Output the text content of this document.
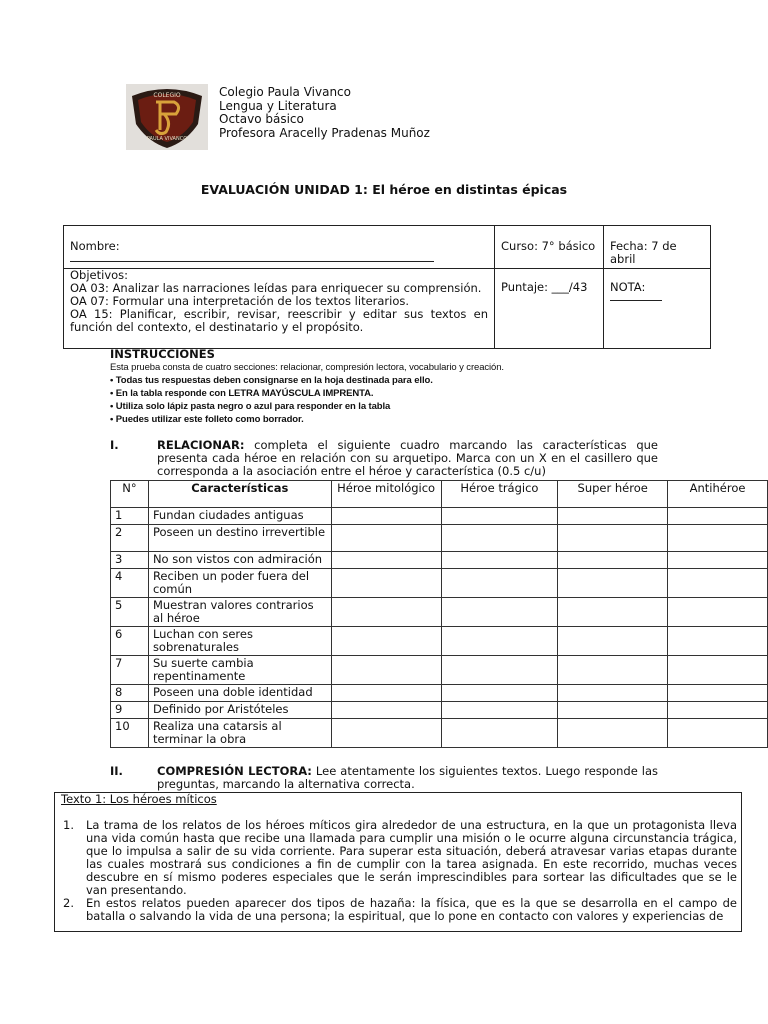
COLEGIO
PAULA VIVANCO
Colegio Paula Vivanco
Lengua y Literatura
Octavo básico
Profesora Aracelly Pradenas Muñoz
EVALUACIÓN UNIDAD 1: El héroe en distintas épicas
Nombre:	Curso: 7° básico	Fecha: 7 de abril

Objetivos:
OA 03: Analizar las narraciones leídas para enriquecer su comprensión.
OA 07: Formular una interpretación de los textos literarios.
OA 15: Planificar, escribir, revisar, reescribir y editar sus textos en función del contexto, el destinatario y el propósito.	Puntaje: ___/43	NOTA:
INSTRUCCIONES
Esta prueba consta de cuatro secciones: relacionar, compresión lectora, vocabulario y creación.
• Todas tus respuestas deben consignarse en la hoja destinada para ello.
• En la tabla responde con LETRA MAYÚSCULA IMPRENTA.
• Utiliza solo lápiz pasta negro o azul para responder en la tabla
• Puedes utilizar este folleto como borrador.
I.	RELACIONAR: completa el siguiente cuadro marcando las características que presenta cada héroe en relación con su arquetipo. Marca con un X en el casillero que corresponda a la asociación entre el héroe y característica (0.5 c/u)
N°	Características	Héroe mitológico	Héroe trágico	Super héroe	Antihéroe
1	Fundan ciudades antiguas				
2	Poseen un destino irrevertible				
3	No son vistos con admiración				
4	Reciben un poder fuera del común				
5	Muestran valores contrarios al héroe				
6	Luchan con seres sobrenaturales				
7	Su suerte cambia repentinamente				
8	Poseen una doble identidad				
9	Definido por Aristóteles				
10	Realiza una catarsis al terminar la obra				
II.	COMPRESIÓN LECTORA: Lee atentamente los siguientes textos. Luego responde las preguntas, marcando la alternativa correcta.

Texto 1: Los héroes míticos

1. La trama de los relatos de los héroes míticos gira alrededor de una estructura, en la que un protagonista lleva una vida común hasta que recibe una llamada para cumplir una misión o le ocurre alguna circunstancia trágica, que lo impulsa a salir de su vida corriente. Para superar esta situación, deberá atravesar varias etapas durante las cuales mostrará sus condiciones a fin de cumplir con la tarea asignada. En este recorrido, muchas veces descubre en sí mismo poderes especiales que le serán imprescindibles para sortear las dificultades que se le van presentando.

2. En estos relatos pueden aparecer dos tipos de hazaña: la física, que es la que se desarrolla en el campo de batalla o salvando la vida de una persona; la espiritual, que lo pone en contacto con valores y experiencias de
